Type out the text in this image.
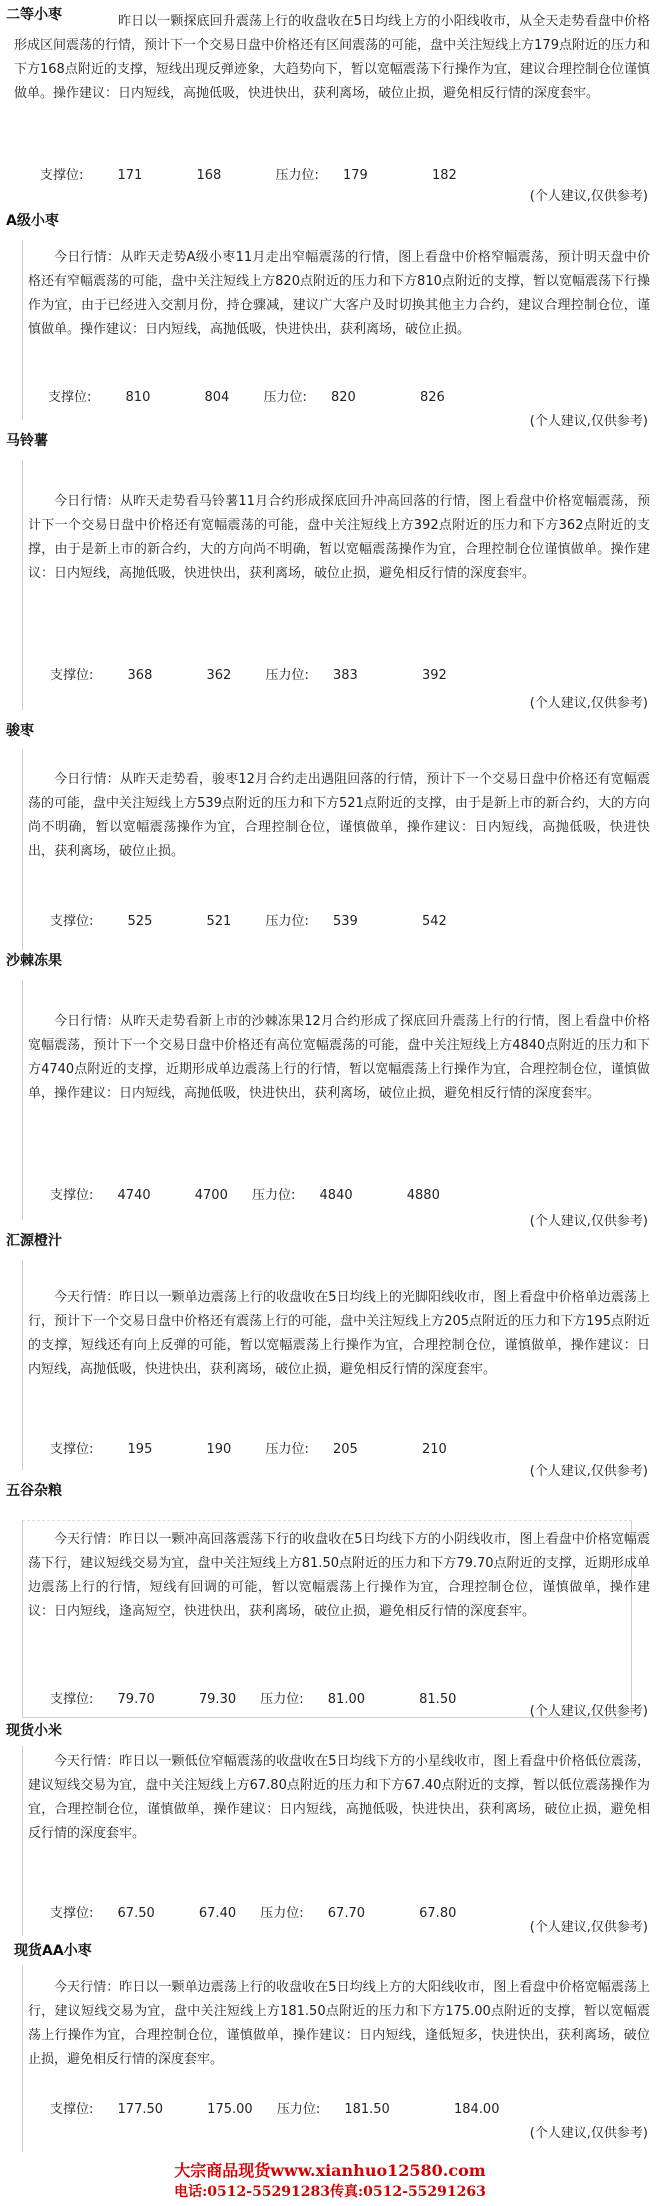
二等小枣	昨日以一颗探底回升震荡上行的收盘收在5日均线上方的小阳线收市，从全天走势看盘中价格形成区间震荡的行情，预计下一个交易日盘中价格还有区间震荡的可能，盘中关注短线上方179点附近的压力和下方168点附近的支撑，短线出现反弹迹象，大趋势向下，暂以宽幅震荡下行操作为宜，建议合理控制仓位谨慎做单。操作建议：日内短线，高抛低吸，快进快出，获利离场，破位止损，避免相反行情的深度套牢。
支撑位:	171	168	压力位: 179	182
(个人建议,仅供参考)
A级小枣
今日行情：从昨天走势A级小枣11月走出窄幅震荡的行情，图上看盘中价格窄幅震荡，预计明天盘中价格还有窄幅震荡的可能，盘中关注短线上方820点附近的压力和下方810点附近的支撑，暂以宽幅震荡下行操作为宜，由于已经进入交割月份，持仓骤减，建议广大客户及时切换其他主力合约，建议合理控制仓位，谨慎做单。操作建议：日内短线，高抛低吸，快进快出，获利离场，破位止损。
支撑位:	810	804	压力位: 820	826
(个人建议,仅供参考)
马铃薯
今日行情：从昨天走势看马铃薯11月合约形成探底回升冲高回落的行情，图上看盘中价格宽幅震荡，预计下一个交易日盘中价格还有宽幅震荡的可能，盘中关注短线上方392点附近的压力和下方362点附近的支撑，由于是新上市的新合约，大的方向尚不明确，暂以宽幅震荡操作为宜，合理控制仓位谨慎做单。操作建议：日内短线，高抛低吸，快进快出，获利离场，破位止损，避免相反行情的深度套牢。
支撑位:	368	362	压力位: 383	392
(个人建议,仅供参考)
骏枣
今日行情：从昨天走势看，骏枣12月合约走出遇阻回落的行情，预计下一个交易日盘中价格还有宽幅震荡的可能，盘中关注短线上方539点附近的压力和下方521点附近的支撑，由于是新上市的新合约，大的方向尚不明确，暂以宽幅震荡操作为宜，合理控制仓位，谨慎做单，操作建议：日内短线，高抛低吸，快进快出，获利离场，破位止损。
支撑位:	525	521	压力位: 539	542
沙棘冻果
今日行情：从昨天走势看新上市的沙棘冻果12月合约形成了探底回升震荡上行的行情，图上看盘中价格宽幅震荡，预计下一个交易日盘中价格还有高位宽幅震荡的可能，盘中关注短线上方4840点附近的压力和下方4740点附近的支撑，近期形成单边震荡上行的行情，暂以宽幅震荡上行操作为宜，合理控制仓位，谨慎做单，操作建议：日内短线，高抛低吸，快进快出，获利离场，破位止损，避免相反行情的深度套牢。
支撑位: 4740	4700 压力位: 4840	4880
(个人建议,仅供参考)
汇源橙汁
今天行情：昨日以一颗单边震荡上行的收盘收在5日均线上的光脚阳线收市，图上看盘中价格单边震荡上行，预计下一个交易日盘中价格还有震荡上行的可能，盘中关注短线上方205点附近的压力和下方195点附近的支撑，短线还有向上反弹的可能，暂以宽幅震荡上行操作为宜，合理控制仓位，谨慎做单，操作建议：日内短线，高抛低吸，快进快出，获利离场，破位止损，避免相反行情的深度套牢。
支撑位:	195	190	压力位: 205	210
(个人建议,仅供参考)
五谷杂粮
今天行情：昨日以一颗冲高回落震荡下行的收盘收在5日均线下方的小阴线收市，图上看盘中价格宽幅震荡下行，建议短线交易为宜，盘中关注短线上方81.50点附近的压力和下方79.70点附近的支撑，近期形成单边震荡上行的行情，短线有回调的可能，暂以宽幅震荡上行操作为宜，合理控制仓位，谨慎做单，操作建议：日内短线，逢高短空，快进快出，获利离场，破位止损，避免相反行情的深度套牢。
支撑位: 79.70	79.30 压力位: 81.00	81.50
(个人建议,仅供参考)
现货小米
今天行情：昨日以一颗低位窄幅震荡的收盘收在5日均线下方的小星线收市，图上看盘中价格低位震荡，建议短线交易为宜，盘中关注短线上方67.80点附近的压力和下方67.40点附近的支撑，暂以低位震荡操作为宜，合理控制仓位，谨慎做单，操作建议：日内短线，高抛低吸，快进快出，获利离场，破位止损，避免相反行情的深度套牢。
支撑位: 67.50	67.40 压力位: 67.70	67.80
(个人建议,仅供参考)
现货AA小枣
今天行情：昨日以一颗单边震荡上行的收盘收在5日均线上方的大阳线收市，图上看盘中价格宽幅震荡上行，建议短线交易为宜，盘中关注短线上方181.50点附近的压力和下方175.00点附近的支撑，暂以宽幅震荡上行操作为宜，合理控制仓位，谨慎做单，操作建议：日内短线，逢低短多，快进快出，获利离场，破位止损，避免相反行情的深度套牢。
支撑位: 177.50	175.00 压力位: 181.50	184.00
(个人建议,仅供参考)
大宗商品现货www.xianhuo12580.com
电话:0512-55291283传真:0512-55291263
